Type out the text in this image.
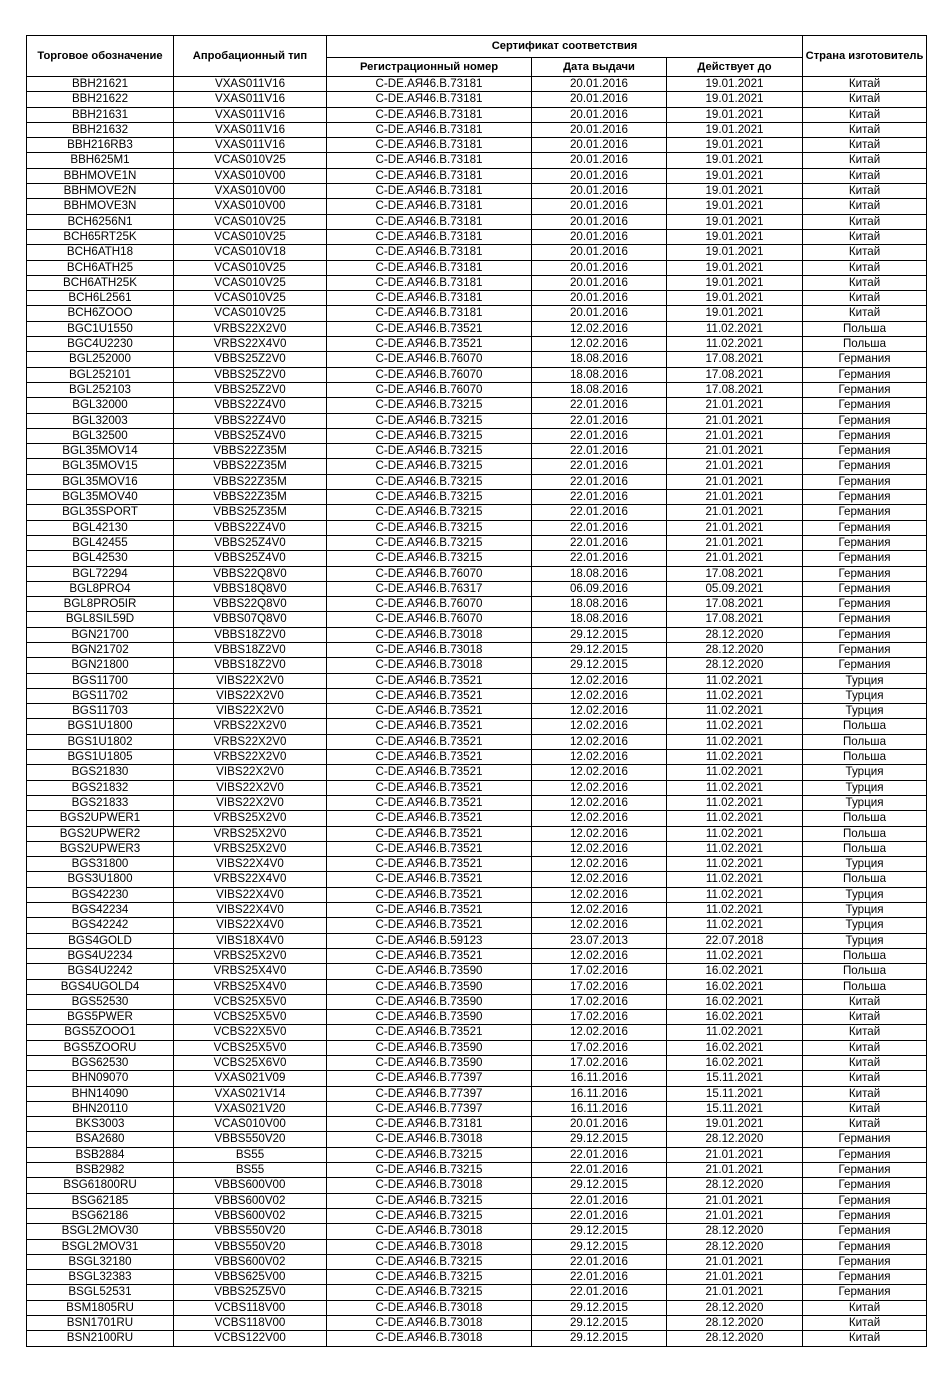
Торговое обозначение	Апробационный тип	Сертификат соответствия			Страна изготовитель
		Регистрационный номер	Дата выдачи	Действует до	
BBH21621	VXAS011V16	C-DE.АЯ46.В.73181	20.01.2016	19.01.2021	Китай
BBH21622	VXAS011V16	C-DE.АЯ46.В.73181	20.01.2016	19.01.2021	Китай
BBH21631	VXAS011V16	C-DE.АЯ46.В.73181	20.01.2016	19.01.2021	Китай
BBH21632	VXAS011V16	C-DE.АЯ46.В.73181	20.01.2016	19.01.2021	Китай
BBH216RB3	VXAS011V16	C-DE.АЯ46.В.73181	20.01.2016	19.01.2021	Китай
BBH625M1	VCAS010V25	C-DE.АЯ46.В.73181	20.01.2016	19.01.2021	Китай
BBHMOVE1N	VXAS010V00	C-DE.АЯ46.В.73181	20.01.2016	19.01.2021	Китай
BBHMOVE2N	VXAS010V00	C-DE.АЯ46.В.73181	20.01.2016	19.01.2021	Китай
BBHMOVE3N	VXAS010V00	C-DE.АЯ46.В.73181	20.01.2016	19.01.2021	Китай
BCH6256N1	VCAS010V25	C-DE.АЯ46.В.73181	20.01.2016	19.01.2021	Китай
BCH65RT25K	VCAS010V25	C-DE.АЯ46.В.73181	20.01.2016	19.01.2021	Китай
BCH6ATH18	VCAS010V18	C-DE.АЯ46.В.73181	20.01.2016	19.01.2021	Китай
BCH6ATH25	VCAS010V25	C-DE.АЯ46.В.73181	20.01.2016	19.01.2021	Китай
BCH6ATH25K	VCAS010V25	C-DE.АЯ46.В.73181	20.01.2016	19.01.2021	Китай
BCH6L2561	VCAS010V25	C-DE.АЯ46.В.73181	20.01.2016	19.01.2021	Китай
BCH6ZOOO	VCAS010V25	C-DE.АЯ46.В.73181	20.01.2016	19.01.2021	Китай
BGC1U1550	VRBS22X2V0	C-DE.АЯ46.В.73521	12.02.2016	11.02.2021	Польша
BGC4U2230	VRBS22X4V0	C-DE.АЯ46.В.73521	12.02.2016	11.02.2021	Польша
BGL252000	VBBS25Z2V0	C-DE.АЯ46.В.76070	18.08.2016	17.08.2021	Германия
BGL252101	VBBS25Z2V0	C-DE.АЯ46.В.76070	18.08.2016	17.08.2021	Германия
BGL252103	VBBS25Z2V0	C-DE.АЯ46.В.76070	18.08.2016	17.08.2021	Германия
BGL32000	VBBS22Z4V0	C-DE.АЯ46.В.73215	22.01.2016	21.01.2021	Германия
BGL32003	VBBS22Z4V0	C-DE.АЯ46.В.73215	22.01.2016	21.01.2021	Германия
BGL32500	VBBS25Z4V0	C-DE.АЯ46.В.73215	22.01.2016	21.01.2021	Германия
BGL35MOV14	VBBS22Z35M	C-DE.АЯ46.В.73215	22.01.2016	21.01.2021	Германия
BGL35MOV15	VBBS22Z35M	C-DE.АЯ46.В.73215	22.01.2016	21.01.2021	Германия
BGL35MOV16	VBBS22Z35M	C-DE.АЯ46.В.73215	22.01.2016	21.01.2021	Германия
BGL35MOV40	VBBS22Z35M	C-DE.АЯ46.В.73215	22.01.2016	21.01.2021	Германия
BGL35SPORT	VBBS25Z35M	C-DE.АЯ46.В.73215	22.01.2016	21.01.2021	Германия
BGL42130	VBBS22Z4V0	C-DE.АЯ46.В.73215	22.01.2016	21.01.2021	Германия
BGL42455	VBBS25Z4V0	C-DE.АЯ46.В.73215	22.01.2016	21.01.2021	Германия
BGL42530	VBBS25Z4V0	C-DE.АЯ46.В.73215	22.01.2016	21.01.2021	Германия
BGL72294	VBBS22Q8V0	C-DE.АЯ46.В.76070	18.08.2016	17.08.2021	Германия
BGL8PRO4	VBBS18Q8V0	C-DE.АЯ46.В.76317	06.09.2016	05.09.2021	Германия
BGL8PRO5IR	VBBS22Q8V0	C-DE.АЯ46.В.76070	18.08.2016	17.08.2021	Германия
BGL8SIL59D	VBBS07Q8V0	C-DE.АЯ46.В.76070	18.08.2016	17.08.2021	Германия
BGN21700	VBBS18Z2V0	C-DE.АЯ46.В.73018	29.12.2015	28.12.2020	Германия
BGN21702	VBBS18Z2V0	C-DE.АЯ46.В.73018	29.12.2015	28.12.2020	Германия
BGN21800	VBBS18Z2V0	C-DE.АЯ46.В.73018	29.12.2015	28.12.2020	Германия
BGS11700	VIBS22X2V0	C-DE.АЯ46.В.73521	12.02.2016	11.02.2021	Турция
BGS11702	VIBS22X2V0	C-DE.АЯ46.В.73521	12.02.2016	11.02.2021	Турция
BGS11703	VIBS22X2V0	C-DE.АЯ46.В.73521	12.02.2016	11.02.2021	Турция
BGS1U1800	VRBS22X2V0	C-DE.АЯ46.В.73521	12.02.2016	11.02.2021	Польша
BGS1U1802	VRBS22X2V0	C-DE.АЯ46.В.73521	12.02.2016	11.02.2021	Польша
BGS1U1805	VRBS22X2V0	C-DE.АЯ46.В.73521	12.02.2016	11.02.2021	Польша
BGS21830	VIBS22X2V0	C-DE.АЯ46.В.73521	12.02.2016	11.02.2021	Турция
BGS21832	VIBS22X2V0	C-DE.АЯ46.В.73521	12.02.2016	11.02.2021	Турция
BGS21833	VIBS22X2V0	C-DE.АЯ46.В.73521	12.02.2016	11.02.2021	Турция
BGS2UPWER1	VRBS25X2V0	C-DE.АЯ46.В.73521	12.02.2016	11.02.2021	Польша
BGS2UPWER2	VRBS25X2V0	C-DE.АЯ46.В.73521	12.02.2016	11.02.2021	Польша
BGS2UPWER3	VRBS25X2V0	C-DE.АЯ46.В.73521	12.02.2016	11.02.2021	Польша
BGS31800	VIBS22X4V0	C-DE.АЯ46.В.73521	12.02.2016	11.02.2021	Турция
BGS3U1800	VRBS22X4V0	C-DE.АЯ46.В.73521	12.02.2016	11.02.2021	Польша
BGS42230	VIBS22X4V0	C-DE.АЯ46.В.73521	12.02.2016	11.02.2021	Турция
BGS42234	VIBS22X4V0	C-DE.АЯ46.В.73521	12.02.2016	11.02.2021	Турция
BGS42242	VIBS22X4V0	C-DE.АЯ46.В.73521	12.02.2016	11.02.2021	Турция
BGS4GOLD	VIBS18X4V0	C-DE.АЯ46.В.59123	23.07.2013	22.07.2018	Турция
BGS4U2234	VRBS25X2V0	C-DE.АЯ46.В.73521	12.02.2016	11.02.2021	Польша
BGS4U2242	VRBS25X4V0	C-DE.АЯ46.В.73590	17.02.2016	16.02.2021	Польша
BGS4UGOLD4	VRBS25X4V0	C-DE.АЯ46.В.73590	17.02.2016	16.02.2021	Польша
BGS52530	VCBS25X5V0	C-DE.АЯ46.В.73590	17.02.2016	16.02.2021	Китай
BGS5PWER	VCBS25X5V0	C-DE.АЯ46.В.73590	17.02.2016	16.02.2021	Китай
BGS5ZOOO1	VCBS22X5V0	C-DE.АЯ46.В.73521	12.02.2016	11.02.2021	Китай
BGS5ZOORU	VCBS25X5V0	C-DE.АЯ46.В.73590	17.02.2016	16.02.2021	Китай
BGS62530	VCBS25X6V0	C-DE.АЯ46.В.73590	17.02.2016	16.02.2021	Китай
BHN09070	VXAS021V09	C-DE.АЯ46.В.77397	16.11.2016	15.11.2021	Китай
BHN14090	VXAS021V14	C-DE.АЯ46.В.77397	16.11.2016	15.11.2021	Китай
BHN20110	VXAS021V20	C-DE.АЯ46.В.77397	16.11.2016	15.11.2021	Китай
BKS3003	VCAS010V00	C-DE.АЯ46.В.73181	20.01.2016	19.01.2021	Китай
BSA2680	VBBS550V20	C-DE.АЯ46.В.73018	29.12.2015	28.12.2020	Германия
BSB2884	BS55	C-DE.АЯ46.В.73215	22.01.2016	21.01.2021	Германия
BSB2982	BS55	C-DE.АЯ46.В.73215	22.01.2016	21.01.2021	Германия
BSG61800RU	VBBS600V00	C-DE.АЯ46.В.73018	29.12.2015	28.12.2020	Германия
BSG62185	VBBS600V02	C-DE.АЯ46.В.73215	22.01.2016	21.01.2021	Германия
BSG62186	VBBS600V02	C-DE.АЯ46.В.73215	22.01.2016	21.01.2021	Германия
BSGL2MOV30	VBBS550V20	C-DE.АЯ46.В.73018	29.12.2015	28.12.2020	Германия
BSGL2MOV31	VBBS550V20	C-DE.АЯ46.В.73018	29.12.2015	28.12.2020	Германия
BSGL32180	VBBS600V02	C-DE.АЯ46.В.73215	22.01.2016	21.01.2021	Германия
BSGL32383	VBBS625V00	C-DE.АЯ46.В.73215	22.01.2016	21.01.2021	Германия
BSGL52531	VBBS25Z5V0	C-DE.АЯ46.В.73215	22.01.2016	21.01.2021	Германия
BSM1805RU	VCBS118V00	C-DE.АЯ46.В.73018	29.12.2015	28.12.2020	Китай
BSN1701RU	VCBS118V00	C-DE.АЯ46.В.73018	29.12.2015	28.12.2020	Китай
BSN2100RU	VCBS122V00	C-DE.АЯ46.В.73018	29.12.2015	28.12.2020	Китай
